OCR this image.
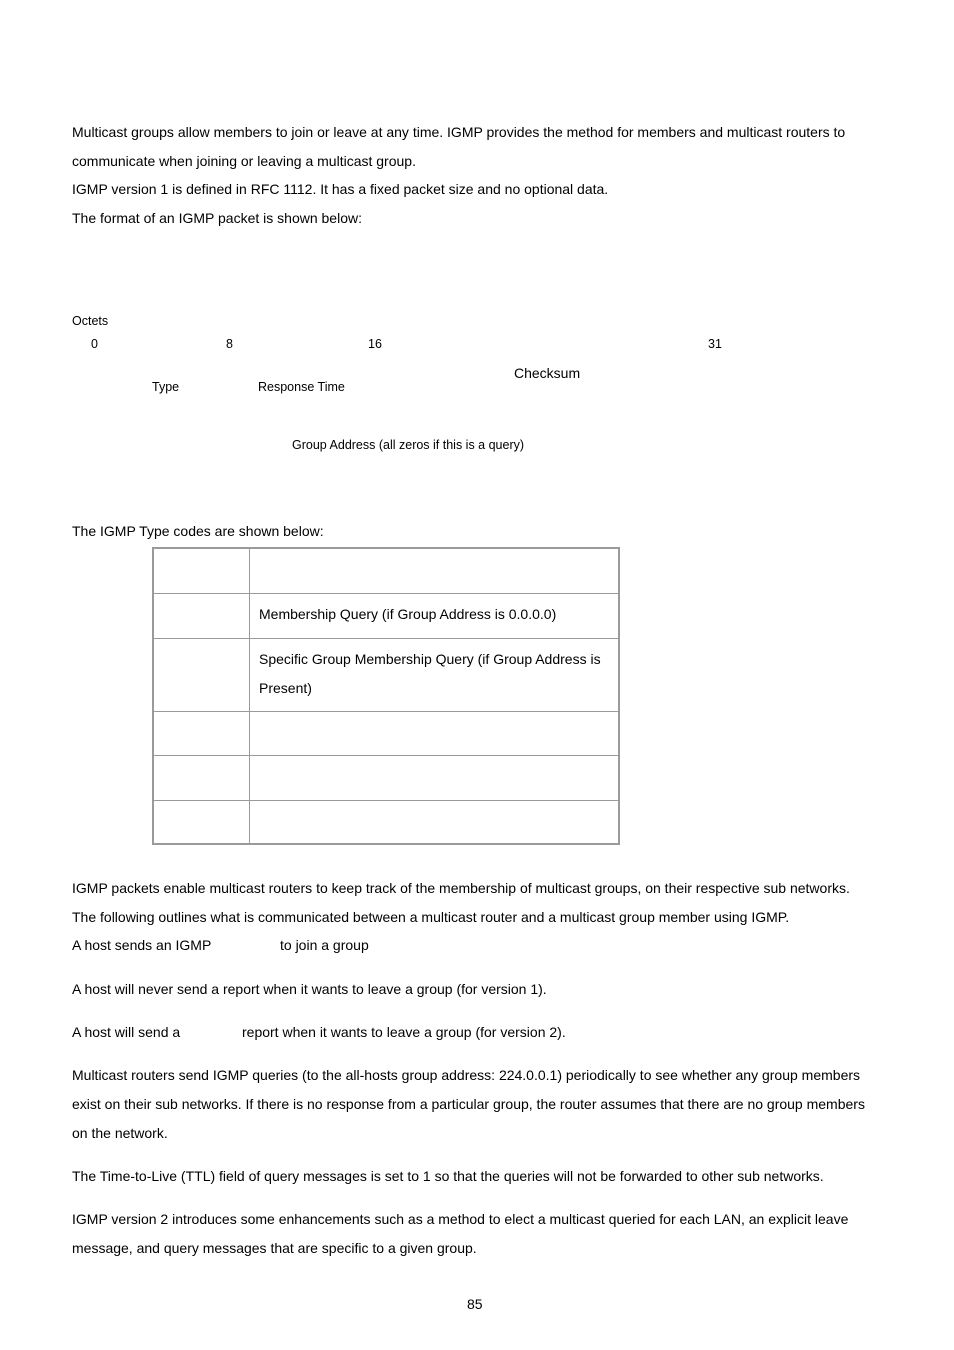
Multicast groups allow members to join or leave at any time. IGMP provides the method for members and multicast routers to
communicate when joining or leaving a multicast group.
IGMP version 1 is defined in RFC 1112. It has a fixed packet size and no optional data.
The format of an IGMP packet is shown below:
Octets
0	8	16	31
Type	Response Time
Checksum
Group Address (all zeros if this is a query)
The IGMP Type codes are shown below:
Membership Query (if Group Address is 0.0.0.0)
Specific Group Membership Query (if Group Address is
Present)
IGMP packets enable multicast routers to keep track of the membership of multicast groups, on their respective sub networks.
The following outlines what is communicated between a multicast router and a multicast group member using IGMP.
A host sends an IGMP	to join a group
A host will never send a report when it wants to leave a group (for version 1).
A host will send a	report when it wants to leave a group (for version 2).
Multicast routers send IGMP queries (to the all-hosts group address: 224.0.0.1) periodically to see whether any group members
exist on their sub networks. If there is no response from a particular group, the router assumes that there are no group members
on the network.
The Time-to-Live (TTL) field of query messages is set to 1 so that the queries will not be forwarded to other sub networks.
IGMP version 2 introduces some enhancements such as a method to elect a multicast queried for each LAN, an explicit leave
message, and query messages that are specific to a given group.
85
